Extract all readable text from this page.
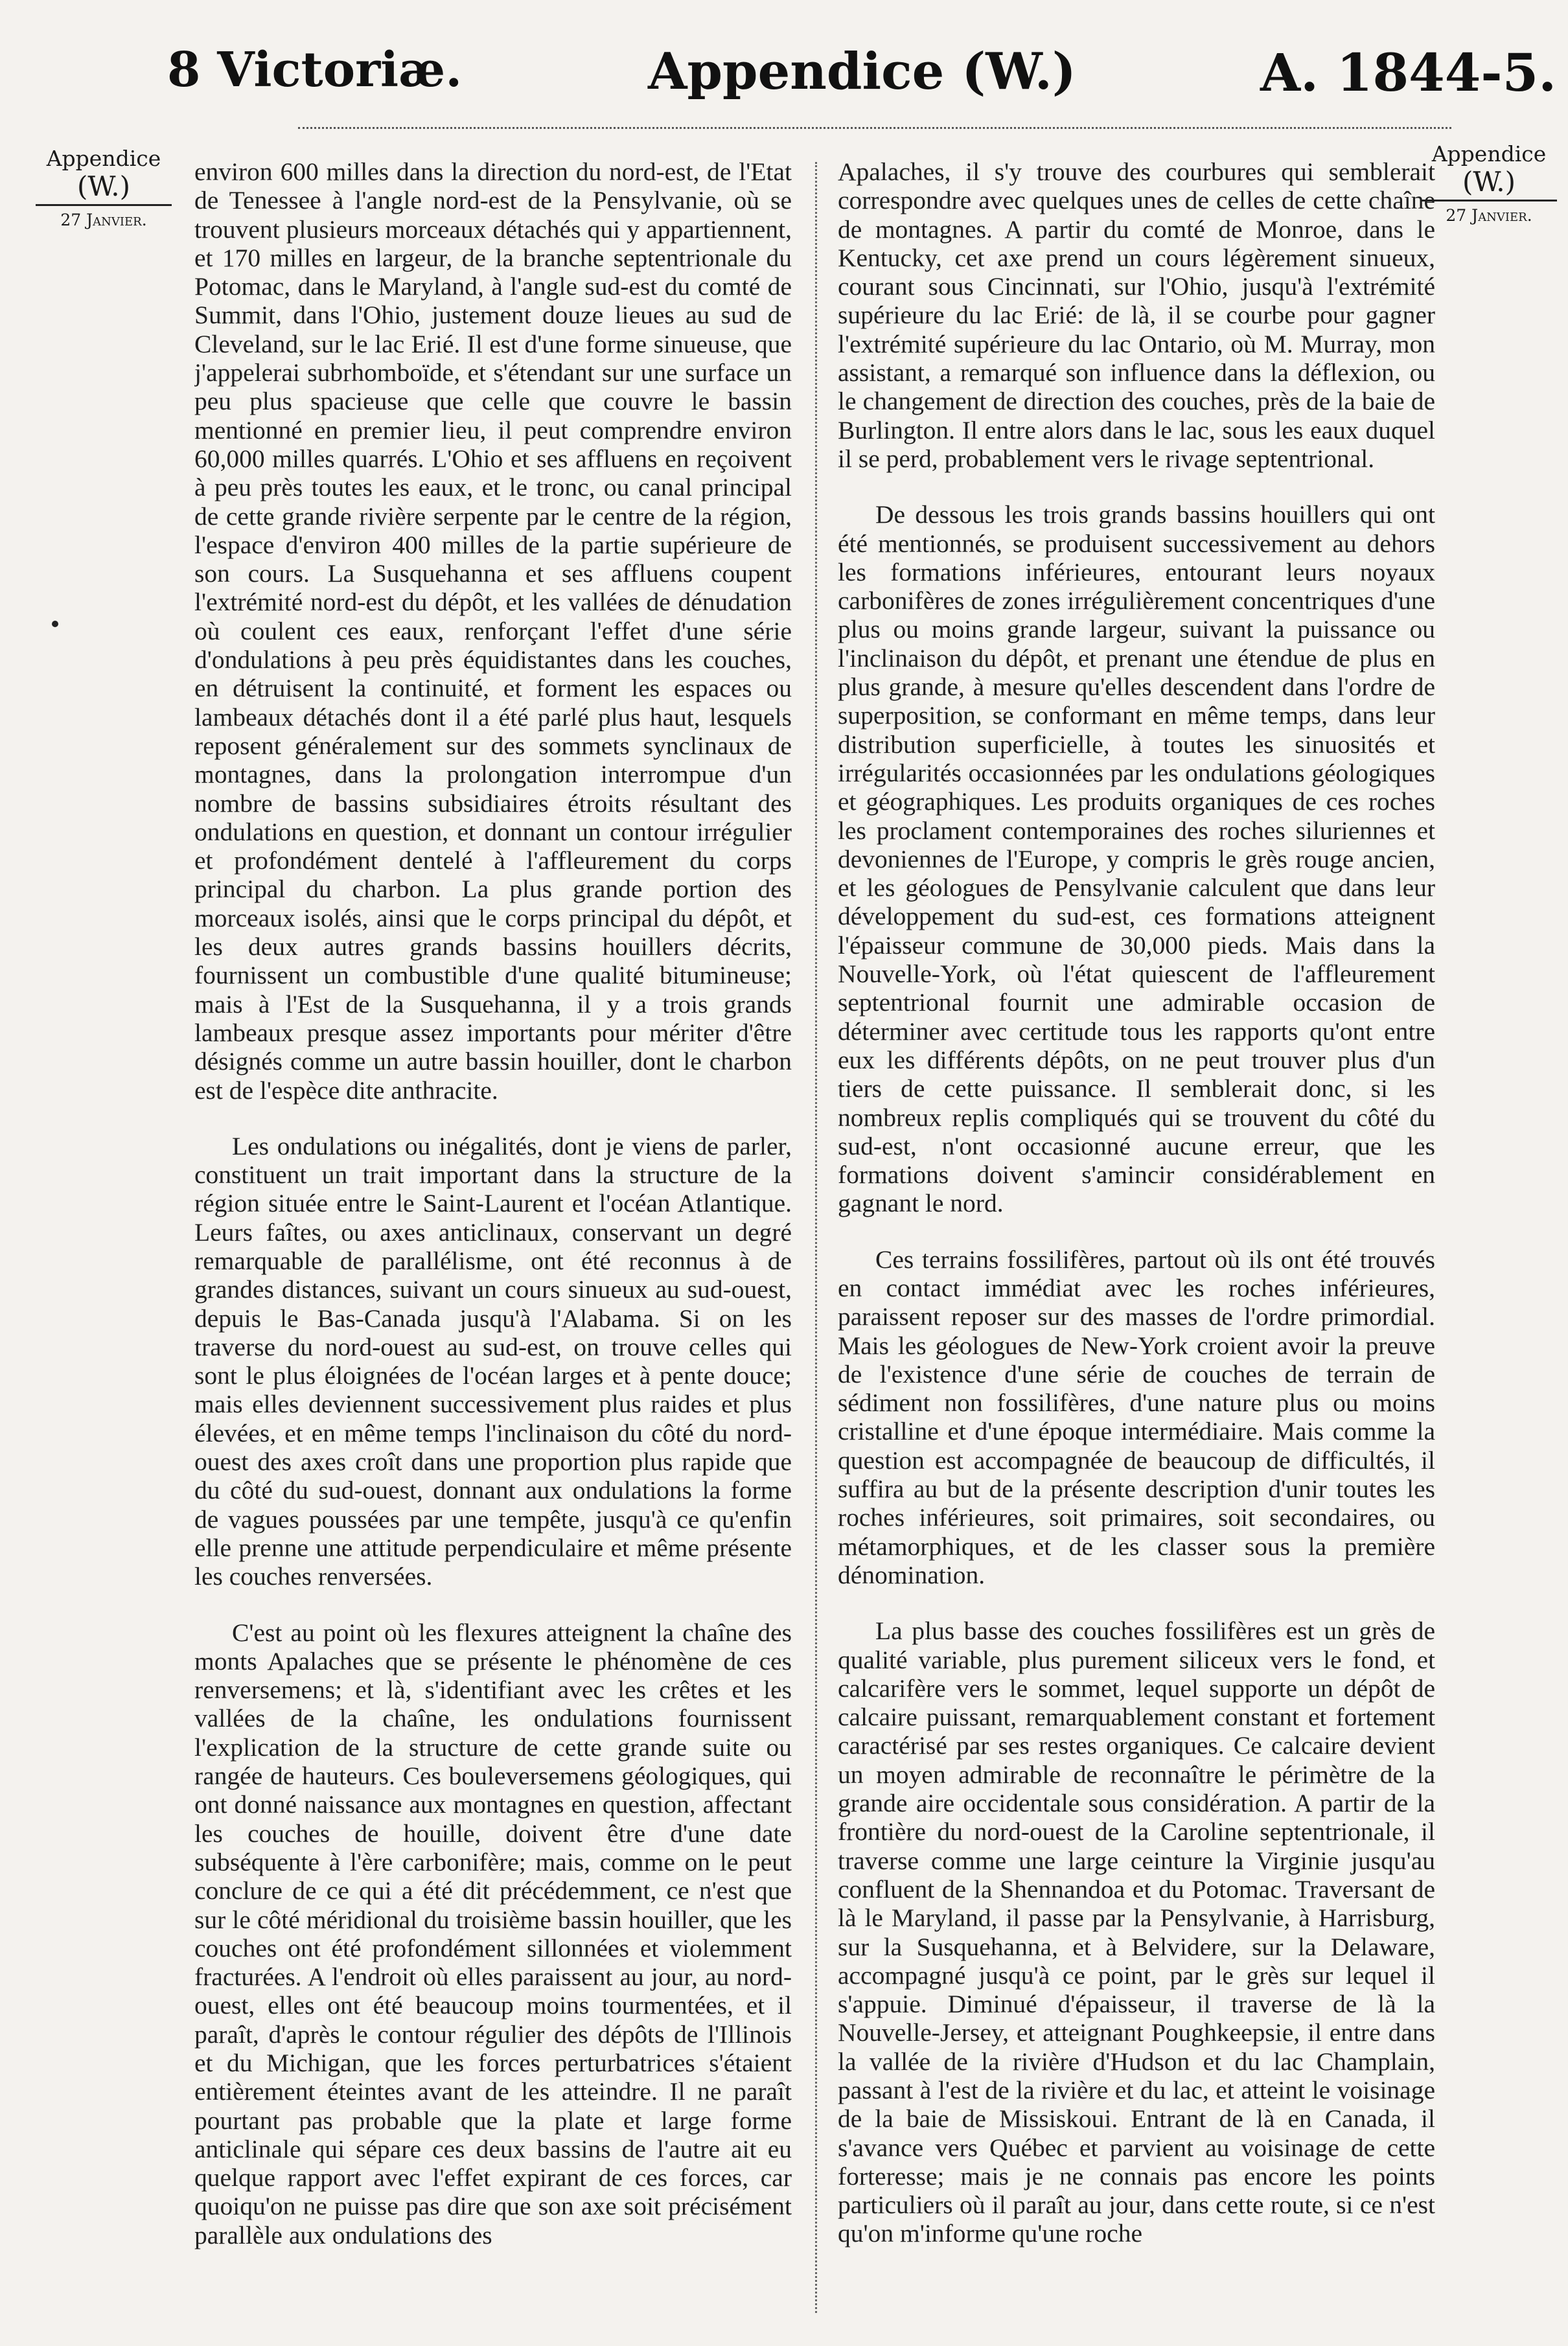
8 Victoriæ.	Appendice (W.)	A. 1844-5.
Appendice
(W.)
27 Janvier.
Appendice
(W.)
27 Janvier.

environ 600 milles dans la direction du nord-est, de l'Etat de Tenessee à l'angle nord-est de la Pensylvanie, où se trouvent plusieurs morceaux détachés qui y appartiennent, et 170 milles en largeur, de la branche septentrionale du Potomac, dans le Maryland, à l'angle sud-est du comté de Summit, dans l'Ohio, justement douze lieues au sud de Cleveland, sur le lac Erié. Il est d'une forme sinueuse, que j'appelerai subrhomboïde, et s'étendant sur une surface un peu plus spacieuse que celle que couvre le bassin mentionné en premier lieu, il peut comprendre environ 60,000 milles quarrés. L'Ohio et ses affluens en reçoivent à peu près toutes les eaux, et le tronc, ou canal principal de cette grande rivière serpente par le centre de la région, l'espace d'environ 400 milles de la partie supérieure de son cours. La Susquehanna et ses affluens coupent l'extrémité nord-est du dépôt, et les vallées de dénudation où coulent ces eaux, renforçant l'effet d'une série d'ondulations à peu près équidistantes dans les couches, en détruisent la continuité, et forment les espaces ou lambeaux détachés dont il a été parlé plus haut, lesquels reposent généralement sur des sommets synclinaux de montagnes, dans la prolongation interrompue d'un nombre de bassins subsidiaires étroits résultant des ondulations en question, et donnant un contour irrégulier et profondément dentelé à l'affleurement du corps principal du charbon. La plus grande portion des morceaux isolés, ainsi que le corps principal du dépôt, et les deux autres grands bassins houillers décrits, fournissent un combustible d'une qualité bitumineuse; mais à l'Est de la Susquehanna, il y a trois grands lambeaux presque assez importants pour mériter d'être désignés comme un autre bassin houiller, dont le charbon est de l'espèce dite anthracite.

Les ondulations ou inégalités, dont je viens de parler, constituent un trait important dans la structure de la région située entre le Saint-Laurent et l'océan Atlantique. Leurs faîtes, ou axes anticlinaux, conservant un degré remarquable de parallélisme, ont été reconnus à de grandes distances, suivant un cours sinueux au sud-ouest, depuis le Bas-Canada jusqu'à l'Alabama. Si on les traverse du nord-ouest au sud-est, on trouve celles qui sont le plus éloignées de l'océan larges et à pente douce; mais elles deviennent successivement plus raides et plus élevées, et en même temps l'inclinaison du côté du nord-ouest des axes croît dans une proportion plus rapide que du côté du sud-ouest, donnant aux ondulations la forme de vagues poussées par une tempête, jusqu'à ce qu'enfin elle prenne une attitude perpendiculaire et même présente les couches renversées.

C'est au point où les flexures atteignent la chaîne des monts Apalaches que se présente le phénomène de ces renversemens; et là, s'identifiant avec les crêtes et les vallées de la chaîne, les ondulations fournissent l'explication de la structure de cette grande suite ou rangée de hauteurs. Ces bouleversemens géologiques, qui ont donné naissance aux montagnes en question, affectant les couches de houille, doivent être d'une date subséquente à l'ère carbonifère; mais, comme on le peut conclure de ce qui a été dit précédemment, ce n'est que sur le côté méridional du troisième bassin houiller, que les couches ont été profondément sillonnées et violemment fracturées. A l'endroit où elles paraissent au jour, au nord-ouest, elles ont été beaucoup moins tourmentées, et il paraît, d'après le contour régulier des dépôts de l'Illinois et du Michigan, que les forces perturbatrices s'étaient entièrement éteintes avant de les atteindre. Il ne paraît pourtant pas probable que la plate et large forme anticlinale qui sépare ces deux bassins de l'autre ait eu quelque rapport avec l'effet expirant de ces forces, car quoiqu'on ne puisse pas dire que son axe soit précisément parallèle aux ondulations des

Apalaches, il s'y trouve des courbures qui semblerait correspondre avec quelques unes de celles de cette chaîne de montagnes. A partir du comté de Monroe, dans le Kentucky, cet axe prend un cours légèrement sinueux, courant sous Cincinnati, sur l'Ohio, jusqu'à l'extrémité supérieure du lac Erié: de là, il se courbe pour gagner l'extrémité supérieure du lac Ontario, où M. Murray, mon assistant, a remarqué son influence dans la déflexion, ou le changement de direction des couches, près de la baie de Burlington. Il entre alors dans le lac, sous les eaux duquel il se perd, probablement vers le rivage septentrional.

De dessous les trois grands bassins houillers qui ont été mentionnés, se produisent successivement au dehors les formations inférieures, entourant leurs noyaux carbonifères de zones irrégulièrement concentriques d'une plus ou moins grande largeur, suivant la puissance ou l'inclinaison du dépôt, et prenant une étendue de plus en plus grande, à mesure qu'elles descendent dans l'ordre de superposition, se conformant en même temps, dans leur distribution superficielle, à toutes les sinuosités et irrégularités occasionnées par les ondulations géologiques et géographiques. Les produits organiques de ces roches les proclament contemporaines des roches siluriennes et devoniennes de l'Europe, y compris le grès rouge ancien, et les géologues de Pensylvanie calculent que dans leur développement du sud-est, ces formations atteignent l'épaisseur commune de 30,000 pieds. Mais dans la Nouvelle-York, où l'état quiescent de l'affleurement septentrional fournit une admirable occasion de déterminer avec certitude tous les rapports qu'ont entre eux les différents dépôts, on ne peut trouver plus d'un tiers de cette puissance. Il semblerait donc, si les nombreux replis compliqués qui se trouvent du côté du sud-est, n'ont occasionné aucune erreur, que les formations doivent s'amincir considérablement en gagnant le nord.

Ces terrains fossilifères, partout où ils ont été trouvés en contact immédiat avec les roches inférieures, paraissent reposer sur des masses de l'ordre primordial. Mais les géologues de New-York croient avoir la preuve de l'existence d'une série de couches de terrain de sédiment non fossilifères, d'une nature plus ou moins cristalline et d'une époque intermédiaire. Mais comme la question est accompagnée de beaucoup de difficultés, il suffira au but de la présente description d'unir toutes les roches inférieures, soit primaires, soit secondaires, ou métamorphiques, et de les classer sous la première dénomination.

La plus basse des couches fossilifères est un grès de qualité variable, plus purement siliceux vers le fond, et calcarifère vers le sommet, lequel supporte un dépôt de calcaire puissant, remarquablement constant et fortement caractérisé par ses restes organiques. Ce calcaire devient un moyen admirable de reconnaître le périmètre de la grande aire occidentale sous considération. A partir de la frontière du nord-ouest de la Caroline septentrionale, il traverse comme une large ceinture la Virginie jusqu'au confluent de la Shennandoa et du Potomac. Traversant de là le Maryland, il passe par la Pensylvanie, à Harrisburg, sur la Susquehanna, et à Belvidere, sur la Delaware, accompagné jusqu'à ce point, par le grès sur lequel il s'appuie. Diminué d'épaisseur, il traverse de là la Nouvelle-Jersey, et atteignant Poughkeepsie, il entre dans la vallée de la rivière d'Hudson et du lac Champlain, passant à l'est de la rivière et du lac, et atteint le voisinage de la baie de Missiskoui. Entrant de là en Canada, il s'avance vers Québec et parvient au voisinage de cette forteresse; mais je ne connais pas encore les points particuliers où il paraît au jour, dans cette route, si ce n'est qu'on m'informe qu'une roche
